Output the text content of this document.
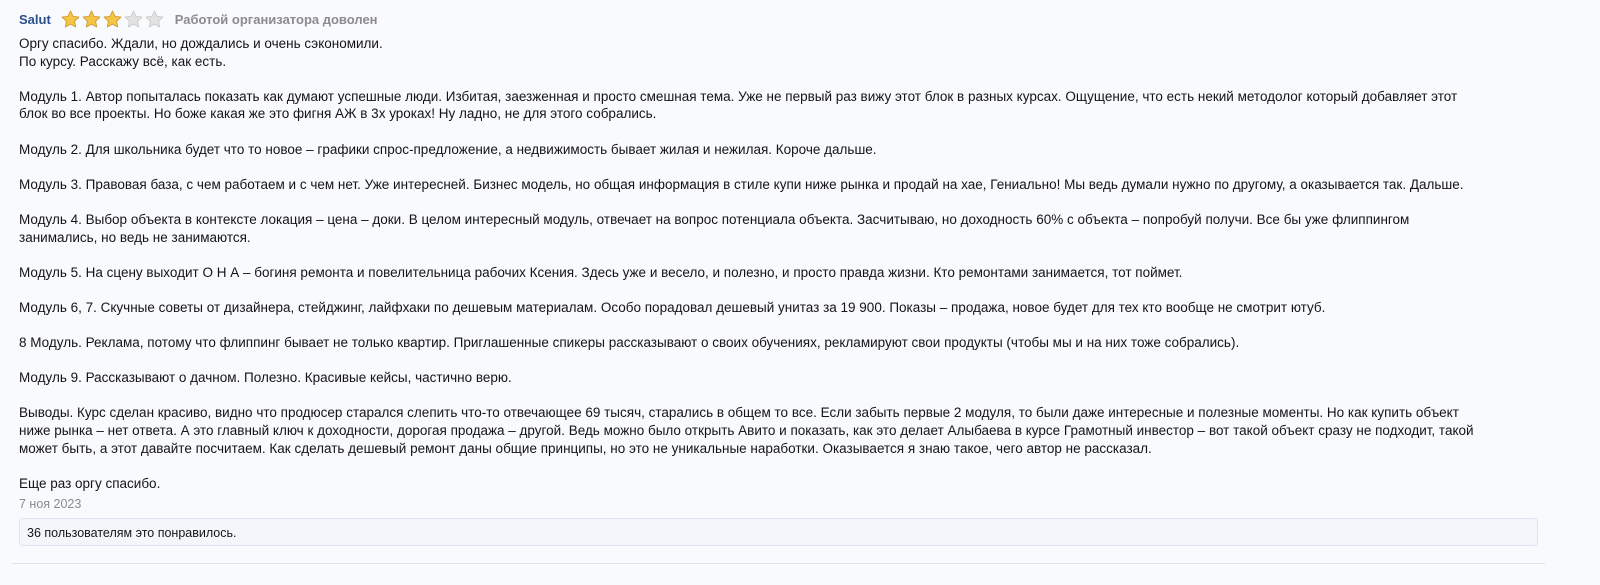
Salut	Работой организатора доволен
Оргу спасибо. Ждали, но дождались и очень сэкономили.
По курсу. Расскажу всё, как есть.
Модуль 1. Автор попыталась показать как думают успешные люди. Избитая, заезженная и просто смешная тема. Уже не первый раз вижу этот блок в разных курсах. Ощущение, что есть некий методолог который добавляет этот
блок во все проекты. Но боже какая же это фигня АЖ в 3х уроках! Ну ладно, не для этого собрались.
Модуль 2. Для школьника будет что то новое – графики спрос-предложение, а недвижимость бывает жилая и нежилая. Короче дальше.
Модуль 3. Правовая база, с чем работаем и с чем нет. Уже интересней. Бизнес модель, но общая информация в стиле купи ниже рынка и продай на хае, Гениально! Мы ведь думали нужно по другому, а оказывается так. Дальше.
Модуль 4. Выбор объекта в контексте локация – цена – доки. В целом интересный модуль, отвечает на вопрос потенциала объекта. Засчитываю, но доходность 60% с объекта – попробуй получи. Все бы уже флиппингом
занимались, но ведь не занимаются.
Модуль 5. На сцену выходит О Н А – богиня ремонта и повелительница рабочих Ксения. Здесь уже и весело, и полезно, и просто правда жизни. Кто ремонтами занимается, тот поймет.
Модуль 6, 7. Скучные советы от дизайнера, стейджинг, лайфхаки по дешевым материалам. Особо порадовал дешевый унитаз за 19 900. Показы – продажа, новое будет для тех кто вообще не смотрит ютуб.
8 Модуль. Реклама, потому что флиппинг бывает не только квартир. Приглашенные спикеры рассказывают о своих обучениях, рекламируют свои продукты (чтобы мы и на них тоже собрались).
Модуль 9. Рассказывают о дачном. Полезно. Красивые кейсы, частично верю.
Выводы. Курс сделан красиво, видно что продюсер старался слепить что-то отвечающее 69 тысяч, старались в общем то все. Если забыть первые 2 модуля, то были даже интересные и полезные моменты. Но как купить объект
ниже рынка – нет ответа. А это главный ключ к доходности, дорогая продажа – другой. Ведь можно было открыть Авито и показать, как это делает Алыбаева в курсе Грамотный инвестор – вот такой объект сразу не подходит, такой
может быть, а этот давайте посчитаем. Как сделать дешевый ремонт даны общие принципы, но это не уникальные наработки. Оказывается я знаю такое, чего автор не рассказал.
Еще раз оргу спасибо.
7 ноя 2023
36 пользователям это понравилось.
